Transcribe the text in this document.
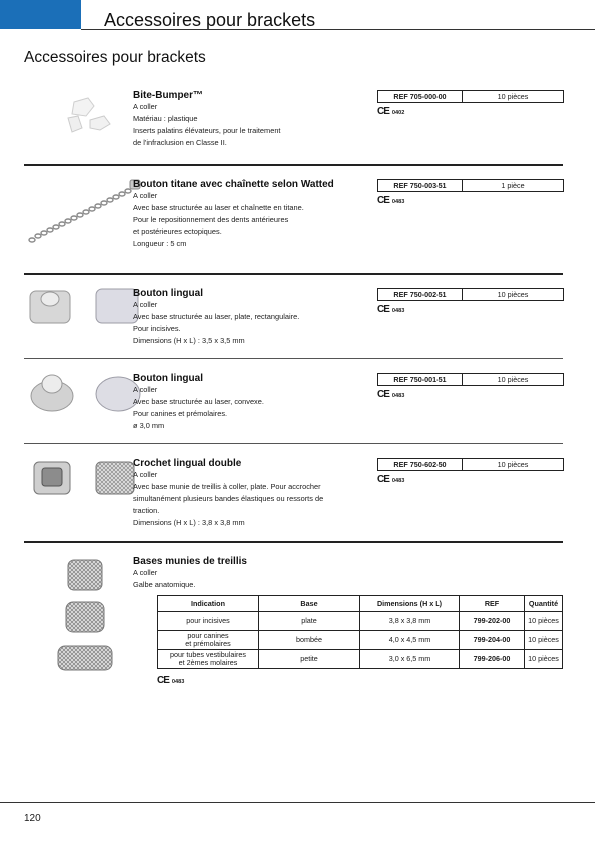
Accessoires pour brackets
Accessoires pour brackets
Bite-Bumper™
A coller
Matériau : plastique
Inserts palatins élévateurs, pour le traitement
de l'infraclusion en Classe II.
REF 705-000-00	10 pièces
CE 0402
Bouton titane avec chaînette selon Watted
A coller
Avec base structurée au laser et chaînette en titane.
Pour le repositionnement des dents antérieures
et postérieures ectopiques.
Longueur : 5 cm
REF 750-003-51	1 pièce
CE 0483
Bouton lingual
A coller
Avec base structurée au laser, plate, rectangulaire.
Pour incisives.
Dimensions (H x L) : 3,5 x 3,5 mm
REF 750-002-51	10 pièces
CE 0483
Bouton lingual
A coller
Avec base structurée au laser, convexe.
Pour canines et prémolaires.
ø 3,0 mm
REF 750-001-51	10 pièces
CE 0483
Crochet lingual double
A coller
Avec base munie de treillis à coller, plate. Pour accrocher
simultanément plusieurs bandes élastiques ou ressorts de
traction.
Dimensions (H x L) : 3,8 x 3,8 mm
REF 750-602-50	10 pièces
CE 0483
Bases munies de treillis
A coller
Galbe anatomique.
Indication	Base	Dimensions (H x L)	REF	Quantité
pour incisives	plate	3,8 x 3,8 mm	799-202-00	10 pièces
pour canines
et prémolaires	bombée	4,0 x 4,5 mm	799-204-00	10 pièces
pour tubes vestibulaires
et 2èmes molaires	petite	3,0 x 6,5 mm	799-206-00	10 pièces
CE 0483
120
